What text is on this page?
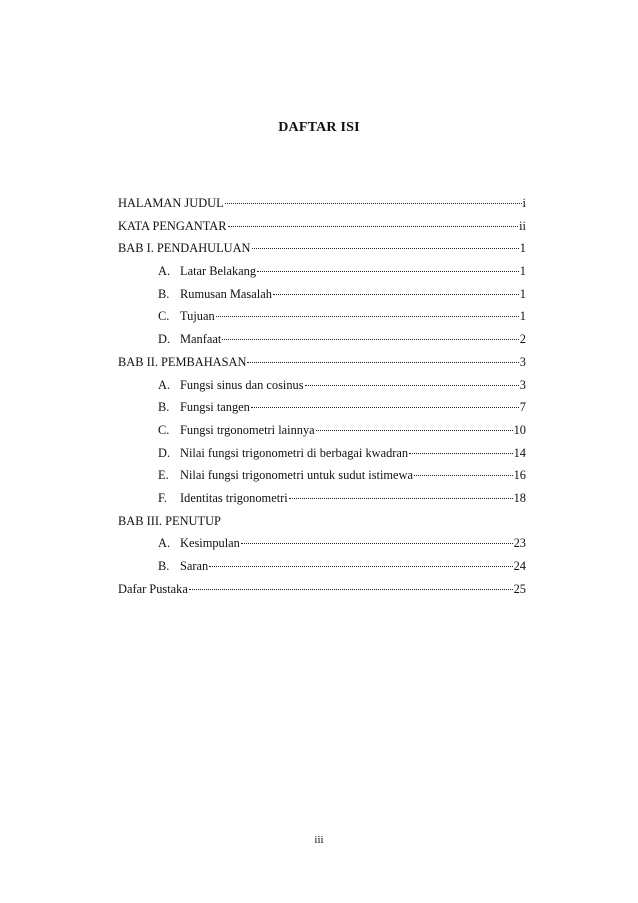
DAFTAR ISI
HALAMAN JUDUL	i
KATA PENGANTAR	ii
BAB I. PENDAHULUAN	1
A. Latar Belakang	1
B. Rumusan Masalah	1
C. Tujuan	1
D. Manfaat	2
BAB II. PEMBAHASAN	3
A. Fungsi sinus dan cosinus	3
B. Fungsi tangen	7
C. Fungsi trgonometri lainnya	10
D. Nilai fungsi trigonometri di berbagai kwadran	14
E. Nilai fungsi trigonometri untuk sudut istimewa	16
F.	Identitas trigonometri	18
BAB III. PENUTUP
A. Kesimpulan	23
B. Saran	24
Dafar Pustaka	25
iii
